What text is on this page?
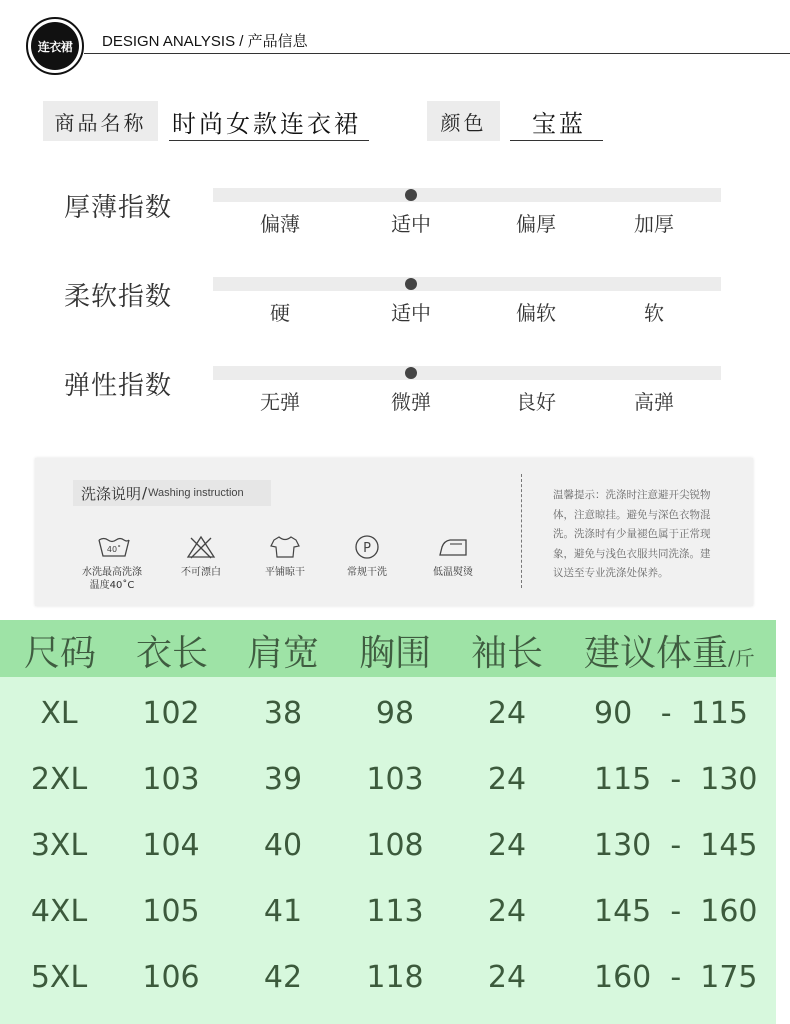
连衣裙	DESIGN ANALYSIS / 产品信息
商品名称	时尚女款连衣裙	颜色	宝蓝
厚薄指数
偏薄	适中	偏厚	加厚
柔软指数
硬	适中	偏软	软
弹性指数
无弹	微弹	良好	高弹
洗涤说明 / Washing instruction
40˚	P
水洗最高洗涤
温度40˚C
不可漂白	平铺晾干	常规干洗	低温熨烫
温馨提示：洗涤时注意避开尖锐物
体，注意晾挂。避免与深色衣物混
洗。洗涤时有少量褪色属于正常现
象，避免与浅色衣服共同洗涤。建
议送至专业洗涤处保养。
尺码 衣长 肩宽 胸围 袖长 建议体重/斤
XL	102	38	98	24	90   -  115
2XL	103	39	103	24	115  -  130
3XL	104	40	108	24	130  -  145
4XL	105	41	113	24	145  -  160
5XL	106	42	118	24	160  -  175
